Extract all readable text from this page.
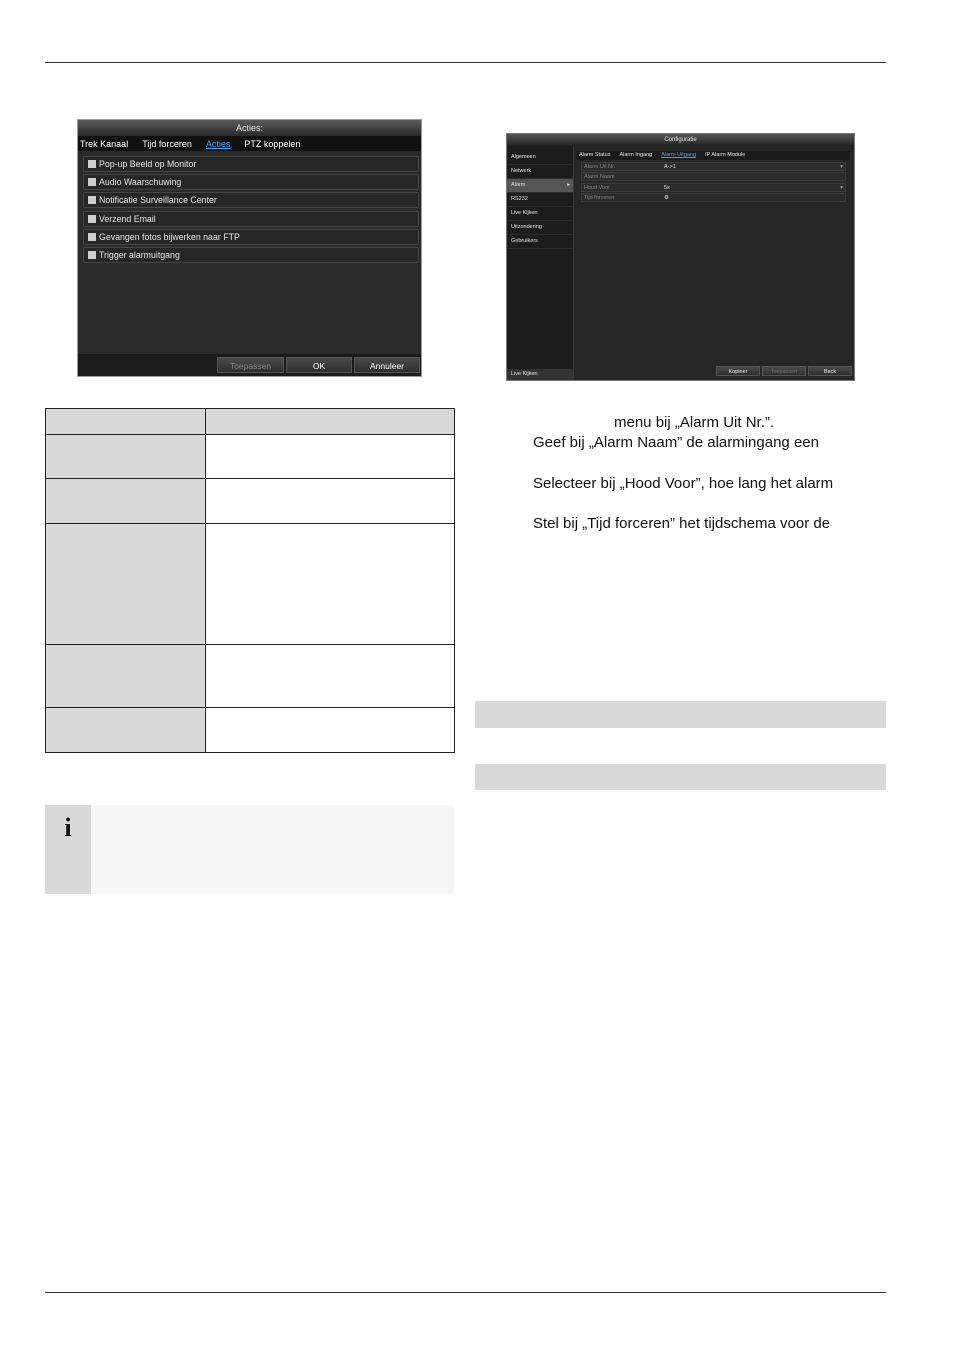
Acties:
Trek Kanaal Tijd forceren Acties PTZ koppelen
Pop-up Beeld op Monitor
Audio Waarschuwing
Notificatie Surveillance Center
Verzend Email
Gevangen fotos bijwerken naar FTP
Trigger alarmuitgang
Toepassen	OK	Annuleer
Configuratie
Algemeen
Netwerk
Alarm	▸
RS232
Live Kijken
Uitzondering
Gebruikers
Live Kijken
Alarm Status Alarm Ingang Alarm Uitgang IP Alarm Module
Alarm Uit Nr.	A->1	▾
Alarm Naam
Houd Voor	5s	▾
Tijd forceren	⚙
Kopieer	Toepassen	Back

i
menu bij „Alarm Uit Nr.”.
Geef bij „Alarm Naam” de alarmingang een
Selecteer bij „Hood Voor”, hoe lang het alarm
Stel bij „Tijd forceren” het tijdschema voor de
